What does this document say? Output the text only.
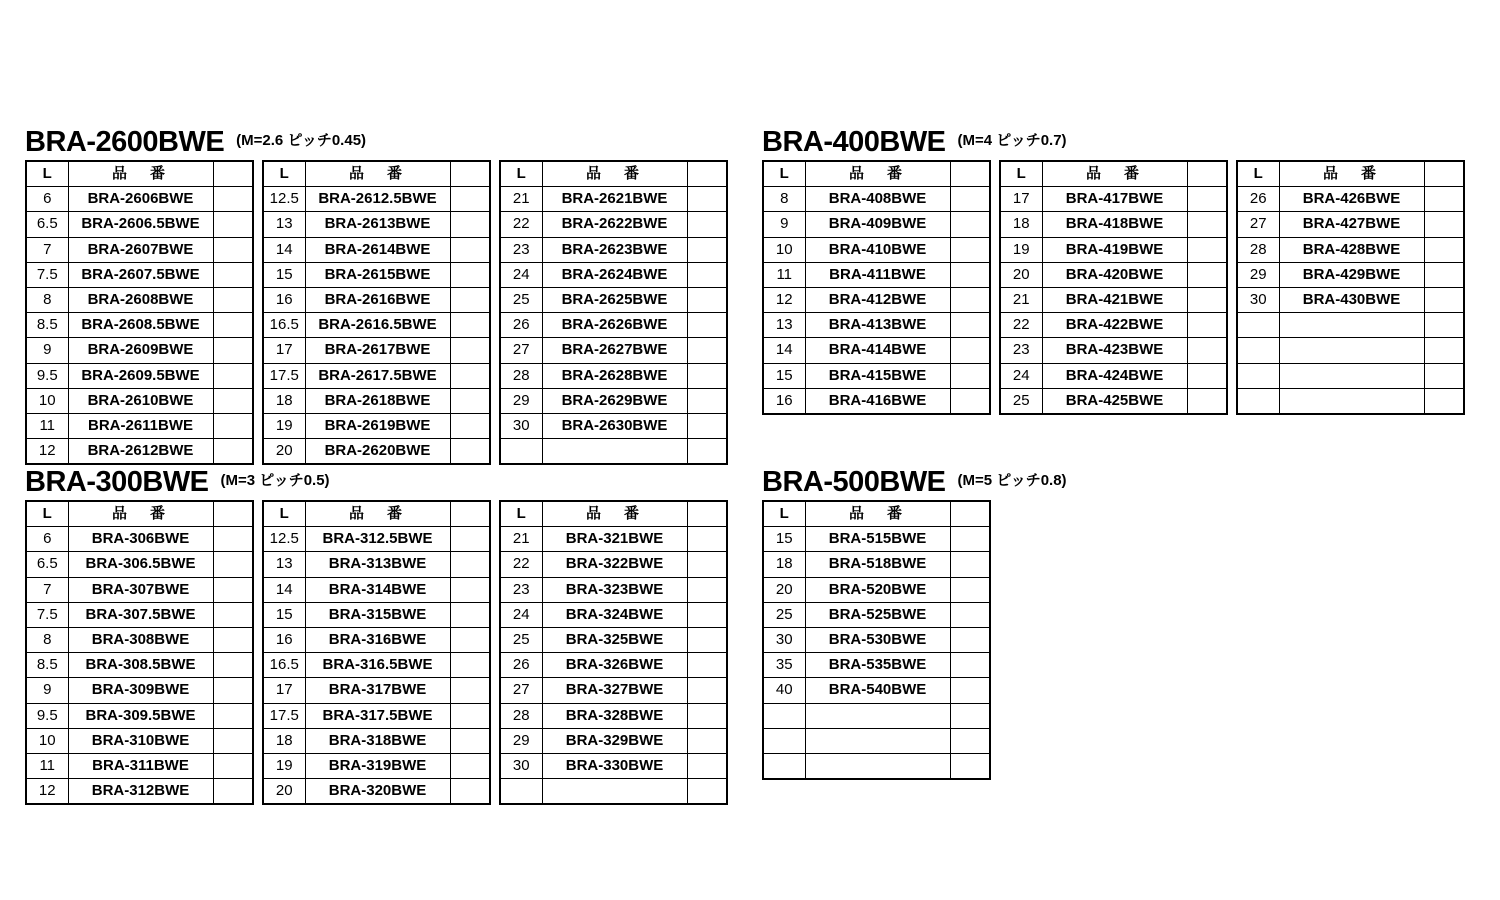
BRA-2600BWE (M=2.6 ピッチ0.45)
L	品　番	
6	BRA-2606BWE	
6.5	BRA-2606.5BWE	
7	BRA-2607BWE	
7.5	BRA-2607.5BWE	
8	BRA-2608BWE	
8.5	BRA-2608.5BWE	
9	BRA-2609BWE	
9.5	BRA-2609.5BWE	
10	BRA-2610BWE	
11	BRA-2611BWE	
12	BRA-2612BWE	
L	品　番	
12.5	BRA-2612.5BWE	
13	BRA-2613BWE	
14	BRA-2614BWE	
15	BRA-2615BWE	
16	BRA-2616BWE	
16.5	BRA-2616.5BWE	
17	BRA-2617BWE	
17.5	BRA-2617.5BWE	
18	BRA-2618BWE	
19	BRA-2619BWE	
20	BRA-2620BWE	
L	品　番	
21	BRA-2621BWE	
22	BRA-2622BWE	
23	BRA-2623BWE	
24	BRA-2624BWE	
25	BRA-2625BWE	
26	BRA-2626BWE	
27	BRA-2627BWE	
28	BRA-2628BWE	
29	BRA-2629BWE	
30	BRA-2630BWE	

BRA-400BWE (M=4 ピッチ0.7)
L	品　番	
8	BRA-408BWE	
9	BRA-409BWE	
10	BRA-410BWE	
11	BRA-411BWE	
12	BRA-412BWE	
13	BRA-413BWE	
14	BRA-414BWE	
15	BRA-415BWE	
16	BRA-416BWE	
L	品　番	
17	BRA-417BWE	
18	BRA-418BWE	
19	BRA-419BWE	
20	BRA-420BWE	
21	BRA-421BWE	
22	BRA-422BWE	
23	BRA-423BWE	
24	BRA-424BWE	
25	BRA-425BWE	
L	品　番	
26	BRA-426BWE	
27	BRA-427BWE	
28	BRA-428BWE	
29	BRA-429BWE	
30	BRA-430BWE	

BRA-300BWE (M=3 ピッチ0.5)
L	品　番	
6	BRA-306BWE	
6.5	BRA-306.5BWE	
7	BRA-307BWE	
7.5	BRA-307.5BWE	
8	BRA-308BWE	
8.5	BRA-308.5BWE	
9	BRA-309BWE	
9.5	BRA-309.5BWE	
10	BRA-310BWE	
11	BRA-311BWE	
12	BRA-312BWE	
L	品　番	
12.5	BRA-312.5BWE	
13	BRA-313BWE	
14	BRA-314BWE	
15	BRA-315BWE	
16	BRA-316BWE	
16.5	BRA-316.5BWE	
17	BRA-317BWE	
17.5	BRA-317.5BWE	
18	BRA-318BWE	
19	BRA-319BWE	
20	BRA-320BWE	
L	品　番	
21	BRA-321BWE	
22	BRA-322BWE	
23	BRA-323BWE	
24	BRA-324BWE	
25	BRA-325BWE	
26	BRA-326BWE	
27	BRA-327BWE	
28	BRA-328BWE	
29	BRA-329BWE	
30	BRA-330BWE	

BRA-500BWE (M=5 ピッチ0.8)
L	品　番	
15	BRA-515BWE	
18	BRA-518BWE	
20	BRA-520BWE	
25	BRA-525BWE	
30	BRA-530BWE	
35	BRA-535BWE	
40	BRA-540BWE	
